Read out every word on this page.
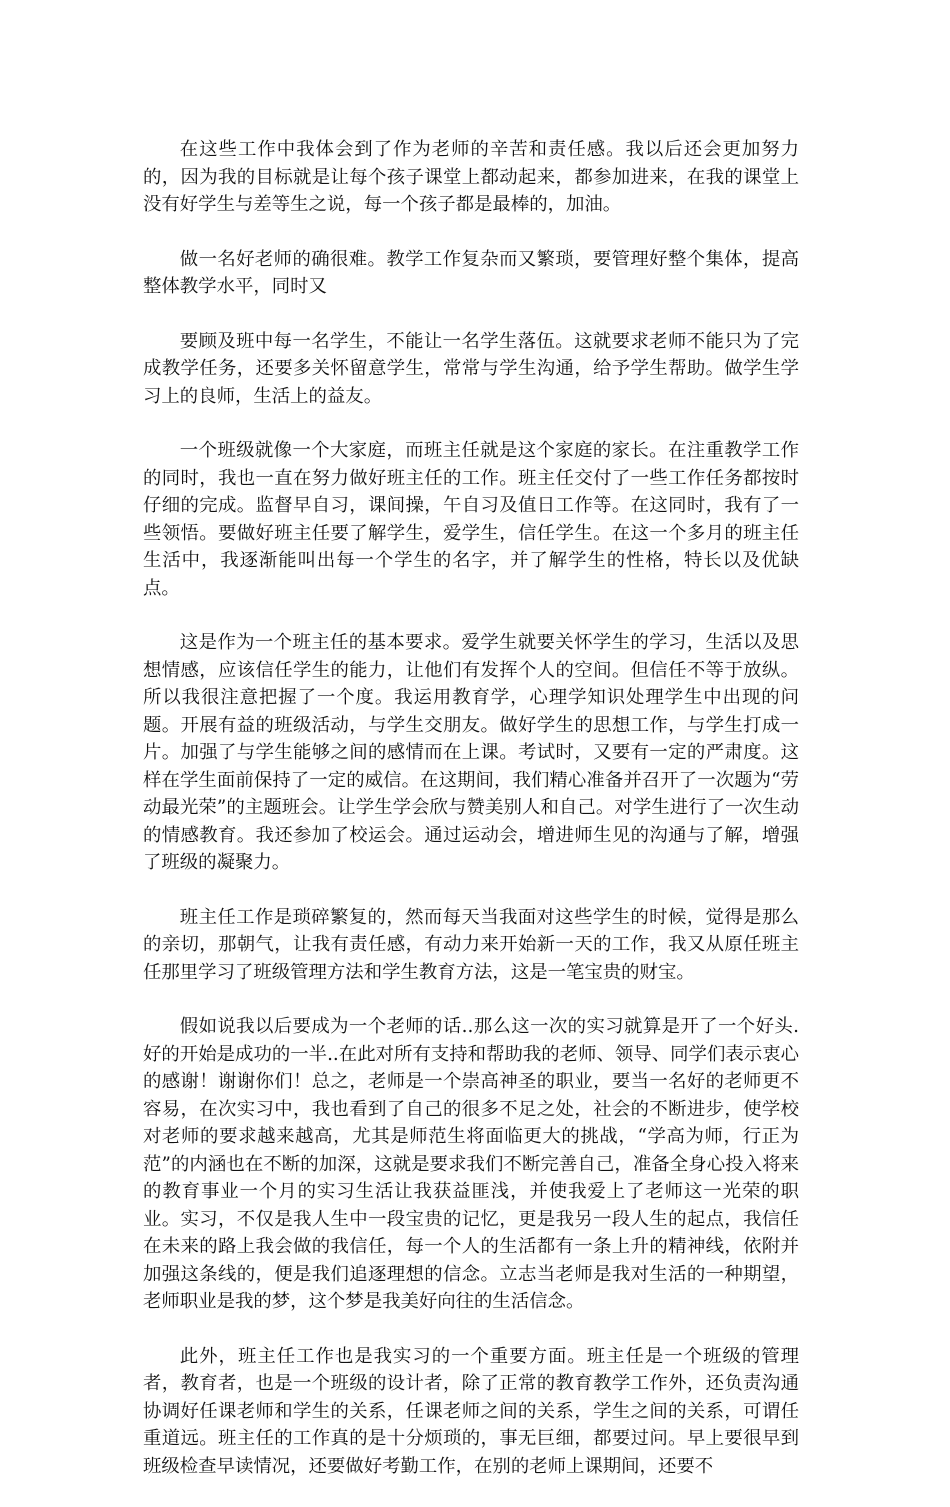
在这些工作中我体会到了作为老师的辛苦和责任感。我以后还会更加努力的，因为我的目标就是让每个孩子课堂上都动起来，都参加进来，在我的课堂上没有好学生与差等生之说，每一个孩子都是最棒的，加油。

做一名好老师的确很难。教学工作复杂而又繁琐，要管理好整个集体，提高整体教学水平，同时又

要顾及班中每一名学生，不能让一名学生落伍。这就要求老师不能只为了完成教学任务，还要多关怀留意学生，常常与学生沟通，给予学生帮助。做学生学习上的良师，生活上的益友。

一个班级就像一个大家庭，而班主任就是这个家庭的家长。在注重教学工作的同时，我也一直在努力做好班主任的工作。班主任交付了一些工作任务都按时仔细的完成。监督早自习，课间操，午自习及值日工作等。在这同时，我有了一些领悟。要做好班主任要了解学生，爱学生，信任学生。在这一个多月的班主任生活中，我逐渐能叫出每一个学生的名字，并了解学生的性格，特长以及优缺点。

这是作为一个班主任的基本要求。爱学生就要关怀学生的学习，生活以及思想情感，应该信任学生的能力，让他们有发挥个人的空间。但信任不等于放纵。所以我很注意把握了一个度。我运用教育学，心理学知识处理学生中出现的问题。开展有益的班级活动，与学生交朋友。做好学生的思想工作，与学生打成一片。加强了与学生能够之间的感情而在上课。考试时，又要有一定的严肃度。这样在学生面前保持了一定的威信。在这期间，我们精心准备并召开了一次题为“劳动最光荣”的主题班会。让学生学会欣与赞美别人和自己。对学生进行了一次生动的情感教育。我还参加了校运会。通过运动会，增进师生见的沟通与了解，增强了班级的凝聚力。

班主任工作是琐碎繁复的，然而每天当我面对这些学生的时候，觉得是那么的亲切，那朝气，让我有责任感，有动力来开始新一天的工作，我又从原任班主任那里学习了班级管理方法和学生教育方法，这是一笔宝贵的财宝。

假如说我以后要成为一个老师的话..那么这一次的实习就算是开了一个好头.好的开始是成功的一半..在此对所有支持和帮助我的老师、领导、同学们表示衷心的感谢！谢谢你们！总之，老师是一个崇高神圣的职业，要当一名好的老师更不容易，在次实习中，我也看到了自己的很多不足之处，社会的不断进步，使学校对老师的要求越来越高，尤其是师范生将面临更大的挑战，“学高为师，行正为范”的内涵也在不断的加深，这就是要求我们不断完善自己，准备全身心投入将来的教育事业一个月的实习生活让我获益匪浅，并使我爱上了老师这一光荣的职业。实习，不仅是我人生中一段宝贵的记忆，更是我另一段人生的起点，我信任在未来的路上我会做的我信任，每一个人的生活都有一条上升的精神线，依附并加强这条线的，便是我们追逐理想的信念。立志当老师是我对生活的一种期望，老师职业是我的梦，这个梦是我美好向往的生活信念。

此外，班主任工作也是我实习的一个重要方面。班主任是一个班级的管理者，教育者，也是一个班级的设计者，除了正常的教育教学工作外，还负责沟通协调好任课老师和学生的关系，任课老师之间的关系，学生之间的关系，可谓任重道远。班主任的工作真的是十分烦琐的，事无巨细，都要过问。早上要很早到班级检查早读情况，还要做好考勤工作，在别的老师上课期间，还要不
